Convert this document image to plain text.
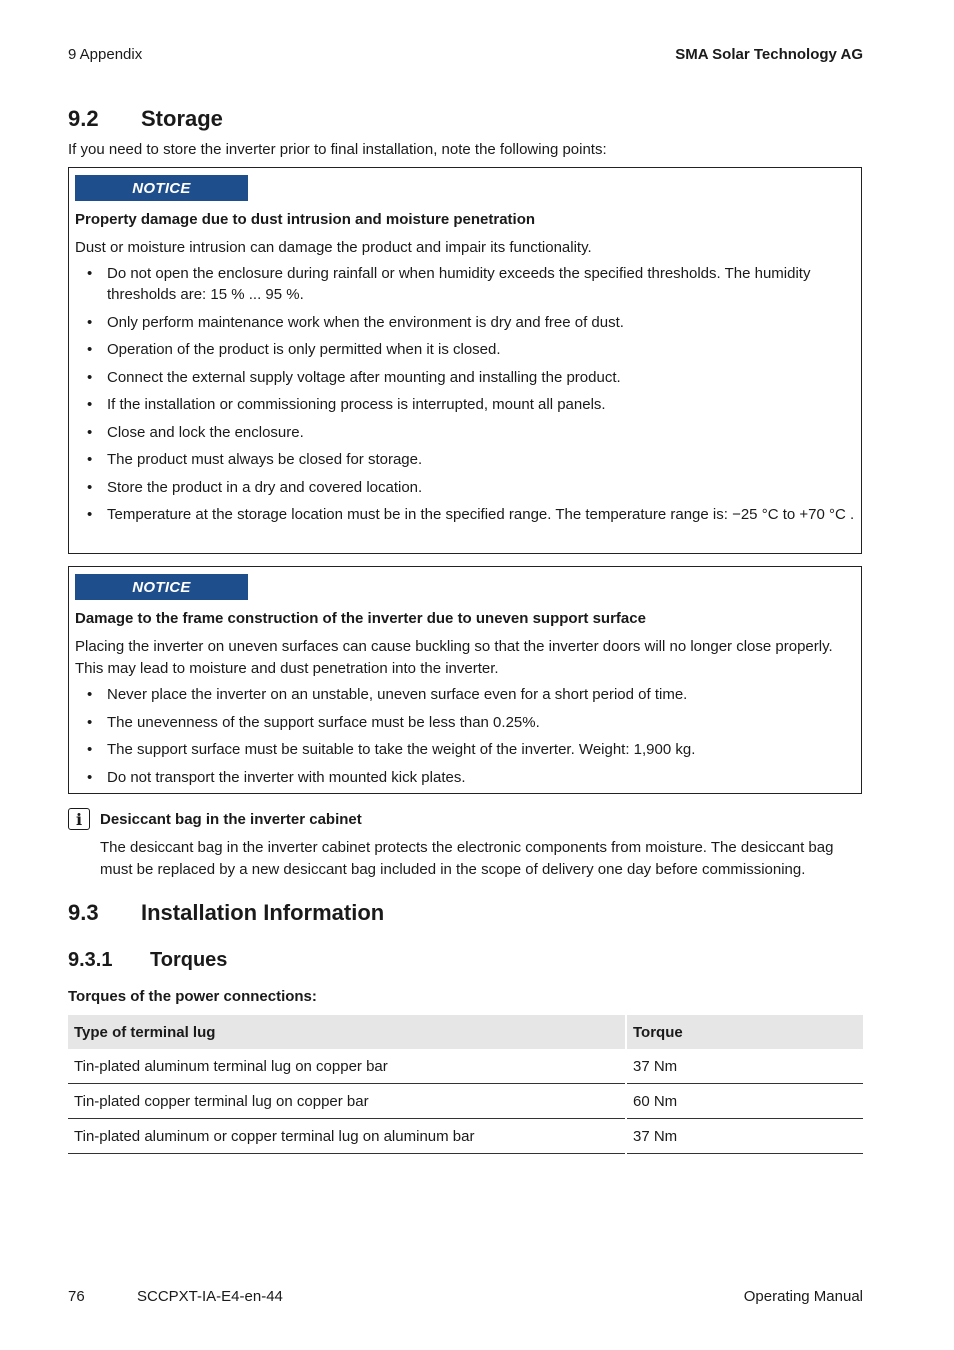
9 Appendix	SMA Solar Technology AG
9.2 Storage
If you need to store the inverter prior to final installation, note the following points:
NOTICE
Property damage due to dust intrusion and moisture penetration
Dust or moisture intrusion can damage the product and impair its functionality.
• Do not open the enclosure during rainfall or when humidity exceeds the specified thresholds. The humidity thresholds are: 15 % ... 95 %.
• Only perform maintenance work when the environment is dry and free of dust.
• Operation of the product is only permitted when it is closed.
• Connect the external supply voltage after mounting and installing the product.
• If the installation or commissioning process is interrupted, mount all panels.
• Close and lock the enclosure.
• The product must always be closed for storage.
• Store the product in a dry and covered location.
• Temperature at the storage location must be in the specified range. The temperature range is: −25 °C to +70 °C .
NOTICE
Damage to the frame construction of the inverter due to uneven support surface
Placing the inverter on uneven surfaces can cause buckling so that the inverter doors will no longer close properly. This may lead to moisture and dust penetration into the inverter.
• Never place the inverter on an unstable, uneven surface even for a short period of time.
• The unevenness of the support surface must be less than 0.25%.
• The support surface must be suitable to take the weight of the inverter. Weight: 1,900 kg.
• Do not transport the inverter with mounted kick plates.
i	Desiccant bag in the inverter cabinet
The desiccant bag in the inverter cabinet protects the electronic components from moisture. The desiccant bag must be replaced by a new desiccant bag included in the scope of delivery one day before commissioning.
9.3 Installation Information
9.3.1 Torques
Torques of the power connections:
Type of terminal lug	Torque
Tin-plated aluminum terminal lug on copper bar	37 Nm
Tin-plated copper terminal lug on copper bar	60 Nm
Tin-plated aluminum or copper terminal lug on aluminum bar	37 Nm
76	SCCPXT-IA-E4-en-44	Operating Manual
